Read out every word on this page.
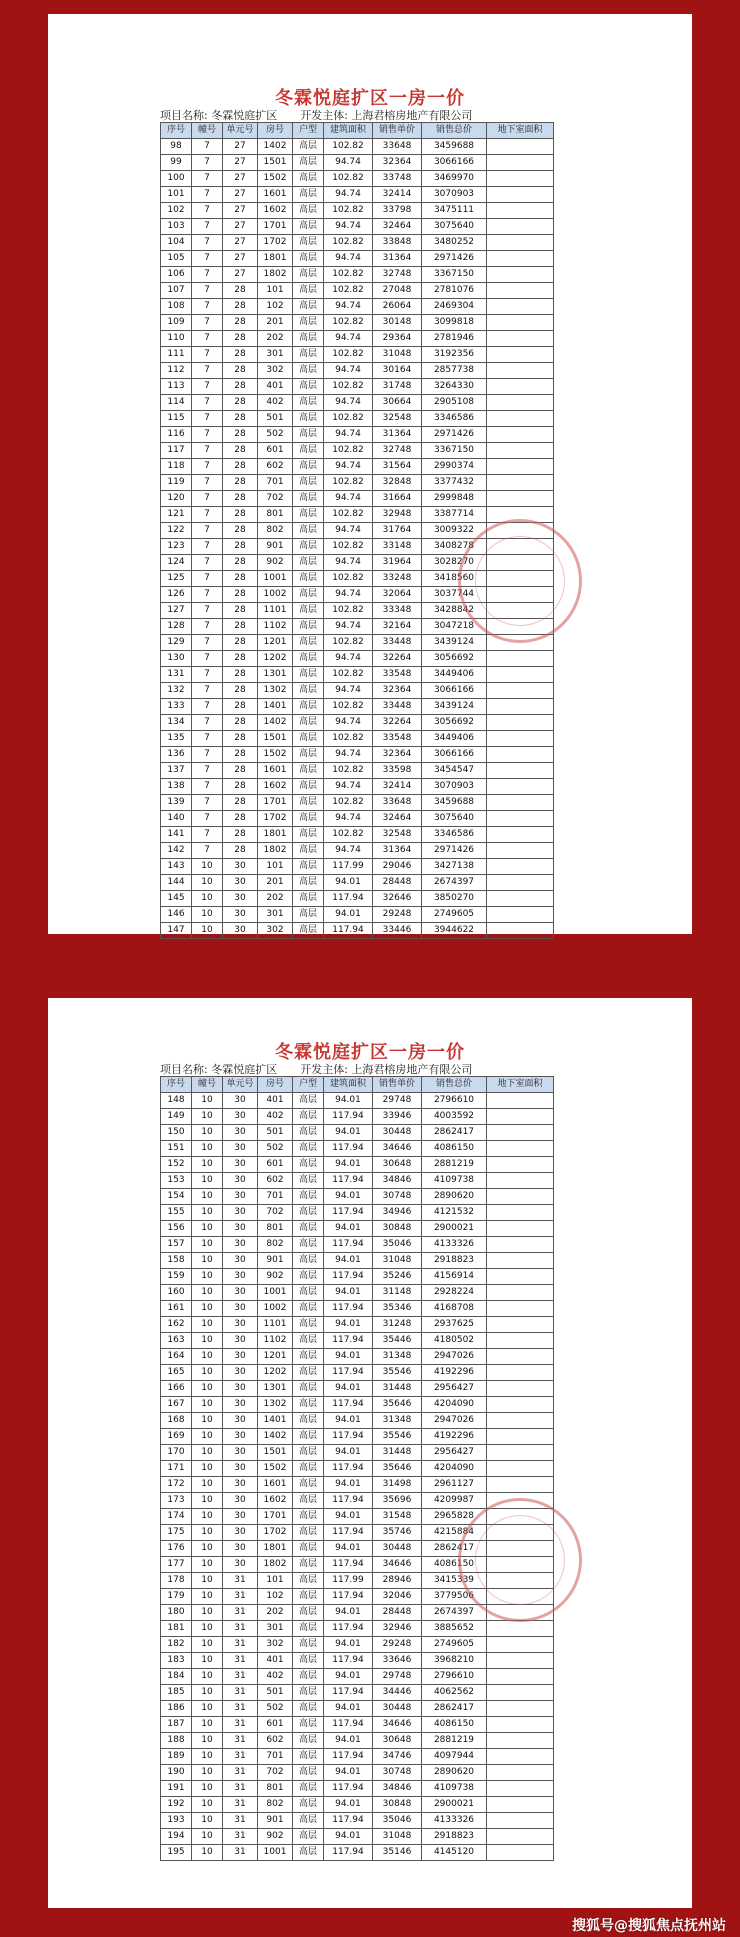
冬霖悦庭扩区一房一价
项目名称: 冬霖悦庭扩区 开发主体: 上海君榕房地产有限公司
序号	幢号	单元号	房号	户型	建筑面积	销售单价	销售总价	地下室面积
98	7	27	1402	高层	102.82	33648	3459688	
99	7	27	1501	高层	94.74	32364	3066166	
100	7	27	1502	高层	102.82	33748	3469970	
101	7	27	1601	高层	94.74	32414	3070903	
102	7	27	1602	高层	102.82	33798	3475111	
103	7	27	1701	高层	94.74	32464	3075640	
104	7	27	1702	高层	102.82	33848	3480252	
105	7	27	1801	高层	94.74	31364	2971426	
106	7	27	1802	高层	102.82	32748	3367150	
107	7	28	101	高层	102.82	27048	2781076	
108	7	28	102	高层	94.74	26064	2469304	
109	7	28	201	高层	102.82	30148	3099818	
110	7	28	202	高层	94.74	29364	2781946	
111	7	28	301	高层	102.82	31048	3192356	
112	7	28	302	高层	94.74	30164	2857738	
113	7	28	401	高层	102.82	31748	3264330	
114	7	28	402	高层	94.74	30664	2905108	
115	7	28	501	高层	102.82	32548	3346586	
116	7	28	502	高层	94.74	31364	2971426	
117	7	28	601	高层	102.82	32748	3367150	
118	7	28	602	高层	94.74	31564	2990374	
119	7	28	701	高层	102.82	32848	3377432	
120	7	28	702	高层	94.74	31664	2999848	
121	7	28	801	高层	102.82	32948	3387714	
122	7	28	802	高层	94.74	31764	3009322	
123	7	28	901	高层	102.82	33148	3408278	
124	7	28	902	高层	94.74	31964	3028270	
125	7	28	1001	高层	102.82	33248	3418560	
126	7	28	1002	高层	94.74	32064	3037744	
127	7	28	1101	高层	102.82	33348	3428842	
128	7	28	1102	高层	94.74	32164	3047218	
129	7	28	1201	高层	102.82	33448	3439124	
130	7	28	1202	高层	94.74	32264	3056692	
131	7	28	1301	高层	102.82	33548	3449406	
132	7	28	1302	高层	94.74	32364	3066166	
133	7	28	1401	高层	102.82	33448	3439124	
134	7	28	1402	高层	94.74	32264	3056692	
135	7	28	1501	高层	102.82	33548	3449406	
136	7	28	1502	高层	94.74	32364	3066166	
137	7	28	1601	高层	102.82	33598	3454547	
138	7	28	1602	高层	94.74	32414	3070903	
139	7	28	1701	高层	102.82	33648	3459688	
140	7	28	1702	高层	94.74	32464	3075640	
141	7	28	1801	高层	102.82	32548	3346586	
142	7	28	1802	高层	94.74	31364	2971426	
143	10	30	101	高层	117.99	29046	3427138	
144	10	30	201	高层	94.01	28448	2674397	
145	10	30	202	高层	117.94	32646	3850270	
146	10	30	301	高层	94.01	29248	2749605	
147	10	30	302	高层	117.94	33446	3944622	
冬霖悦庭扩区一房一价
项目名称: 冬霖悦庭扩区 开发主体: 上海君榕房地产有限公司
序号	幢号	单元号	房号	户型	建筑面积	销售单价	销售总价	地下室面积
148	10	30	401	高层	94.01	29748	2796610	
149	10	30	402	高层	117.94	33946	4003592	
150	10	30	501	高层	94.01	30448	2862417	
151	10	30	502	高层	117.94	34646	4086150	
152	10	30	601	高层	94.01	30648	2881219	
153	10	30	602	高层	117.94	34846	4109738	
154	10	30	701	高层	94.01	30748	2890620	
155	10	30	702	高层	117.94	34946	4121532	
156	10	30	801	高层	94.01	30848	2900021	
157	10	30	802	高层	117.94	35046	4133326	
158	10	30	901	高层	94.01	31048	2918823	
159	10	30	902	高层	117.94	35246	4156914	
160	10	30	1001	高层	94.01	31148	2928224	
161	10	30	1002	高层	117.94	35346	4168708	
162	10	30	1101	高层	94.01	31248	2937625	
163	10	30	1102	高层	117.94	35446	4180502	
164	10	30	1201	高层	94.01	31348	2947026	
165	10	30	1202	高层	117.94	35546	4192296	
166	10	30	1301	高层	94.01	31448	2956427	
167	10	30	1302	高层	117.94	35646	4204090	
168	10	30	1401	高层	94.01	31348	2947026	
169	10	30	1402	高层	117.94	35546	4192296	
170	10	30	1501	高层	94.01	31448	2956427	
171	10	30	1502	高层	117.94	35646	4204090	
172	10	30	1601	高层	94.01	31498	2961127	
173	10	30	1602	高层	117.94	35696	4209987	
174	10	30	1701	高层	94.01	31548	2965828	
175	10	30	1702	高层	117.94	35746	4215884	
176	10	30	1801	高层	94.01	30448	2862417	
177	10	30	1802	高层	117.94	34646	4086150	
178	10	31	101	高层	117.99	28946	3415339	
179	10	31	102	高层	117.94	32046	3779506	
180	10	31	202	高层	94.01	28448	2674397	
181	10	31	301	高层	117.94	32946	3885652	
182	10	31	302	高层	94.01	29248	2749605	
183	10	31	401	高层	117.94	33646	3968210	
184	10	31	402	高层	94.01	29748	2796610	
185	10	31	501	高层	117.94	34446	4062562	
186	10	31	502	高层	94.01	30448	2862417	
187	10	31	601	高层	117.94	34646	4086150	
188	10	31	602	高层	94.01	30648	2881219	
189	10	31	701	高层	117.94	34746	4097944	
190	10	31	702	高层	94.01	30748	2890620	
191	10	31	801	高层	117.94	34846	4109738	
192	10	31	802	高层	94.01	30848	2900021	
193	10	31	901	高层	117.94	35046	4133326	
194	10	31	902	高层	94.01	31048	2918823	
195	10	31	1001	高层	117.94	35146	4145120	
搜狐号@搜狐焦点抚州站
